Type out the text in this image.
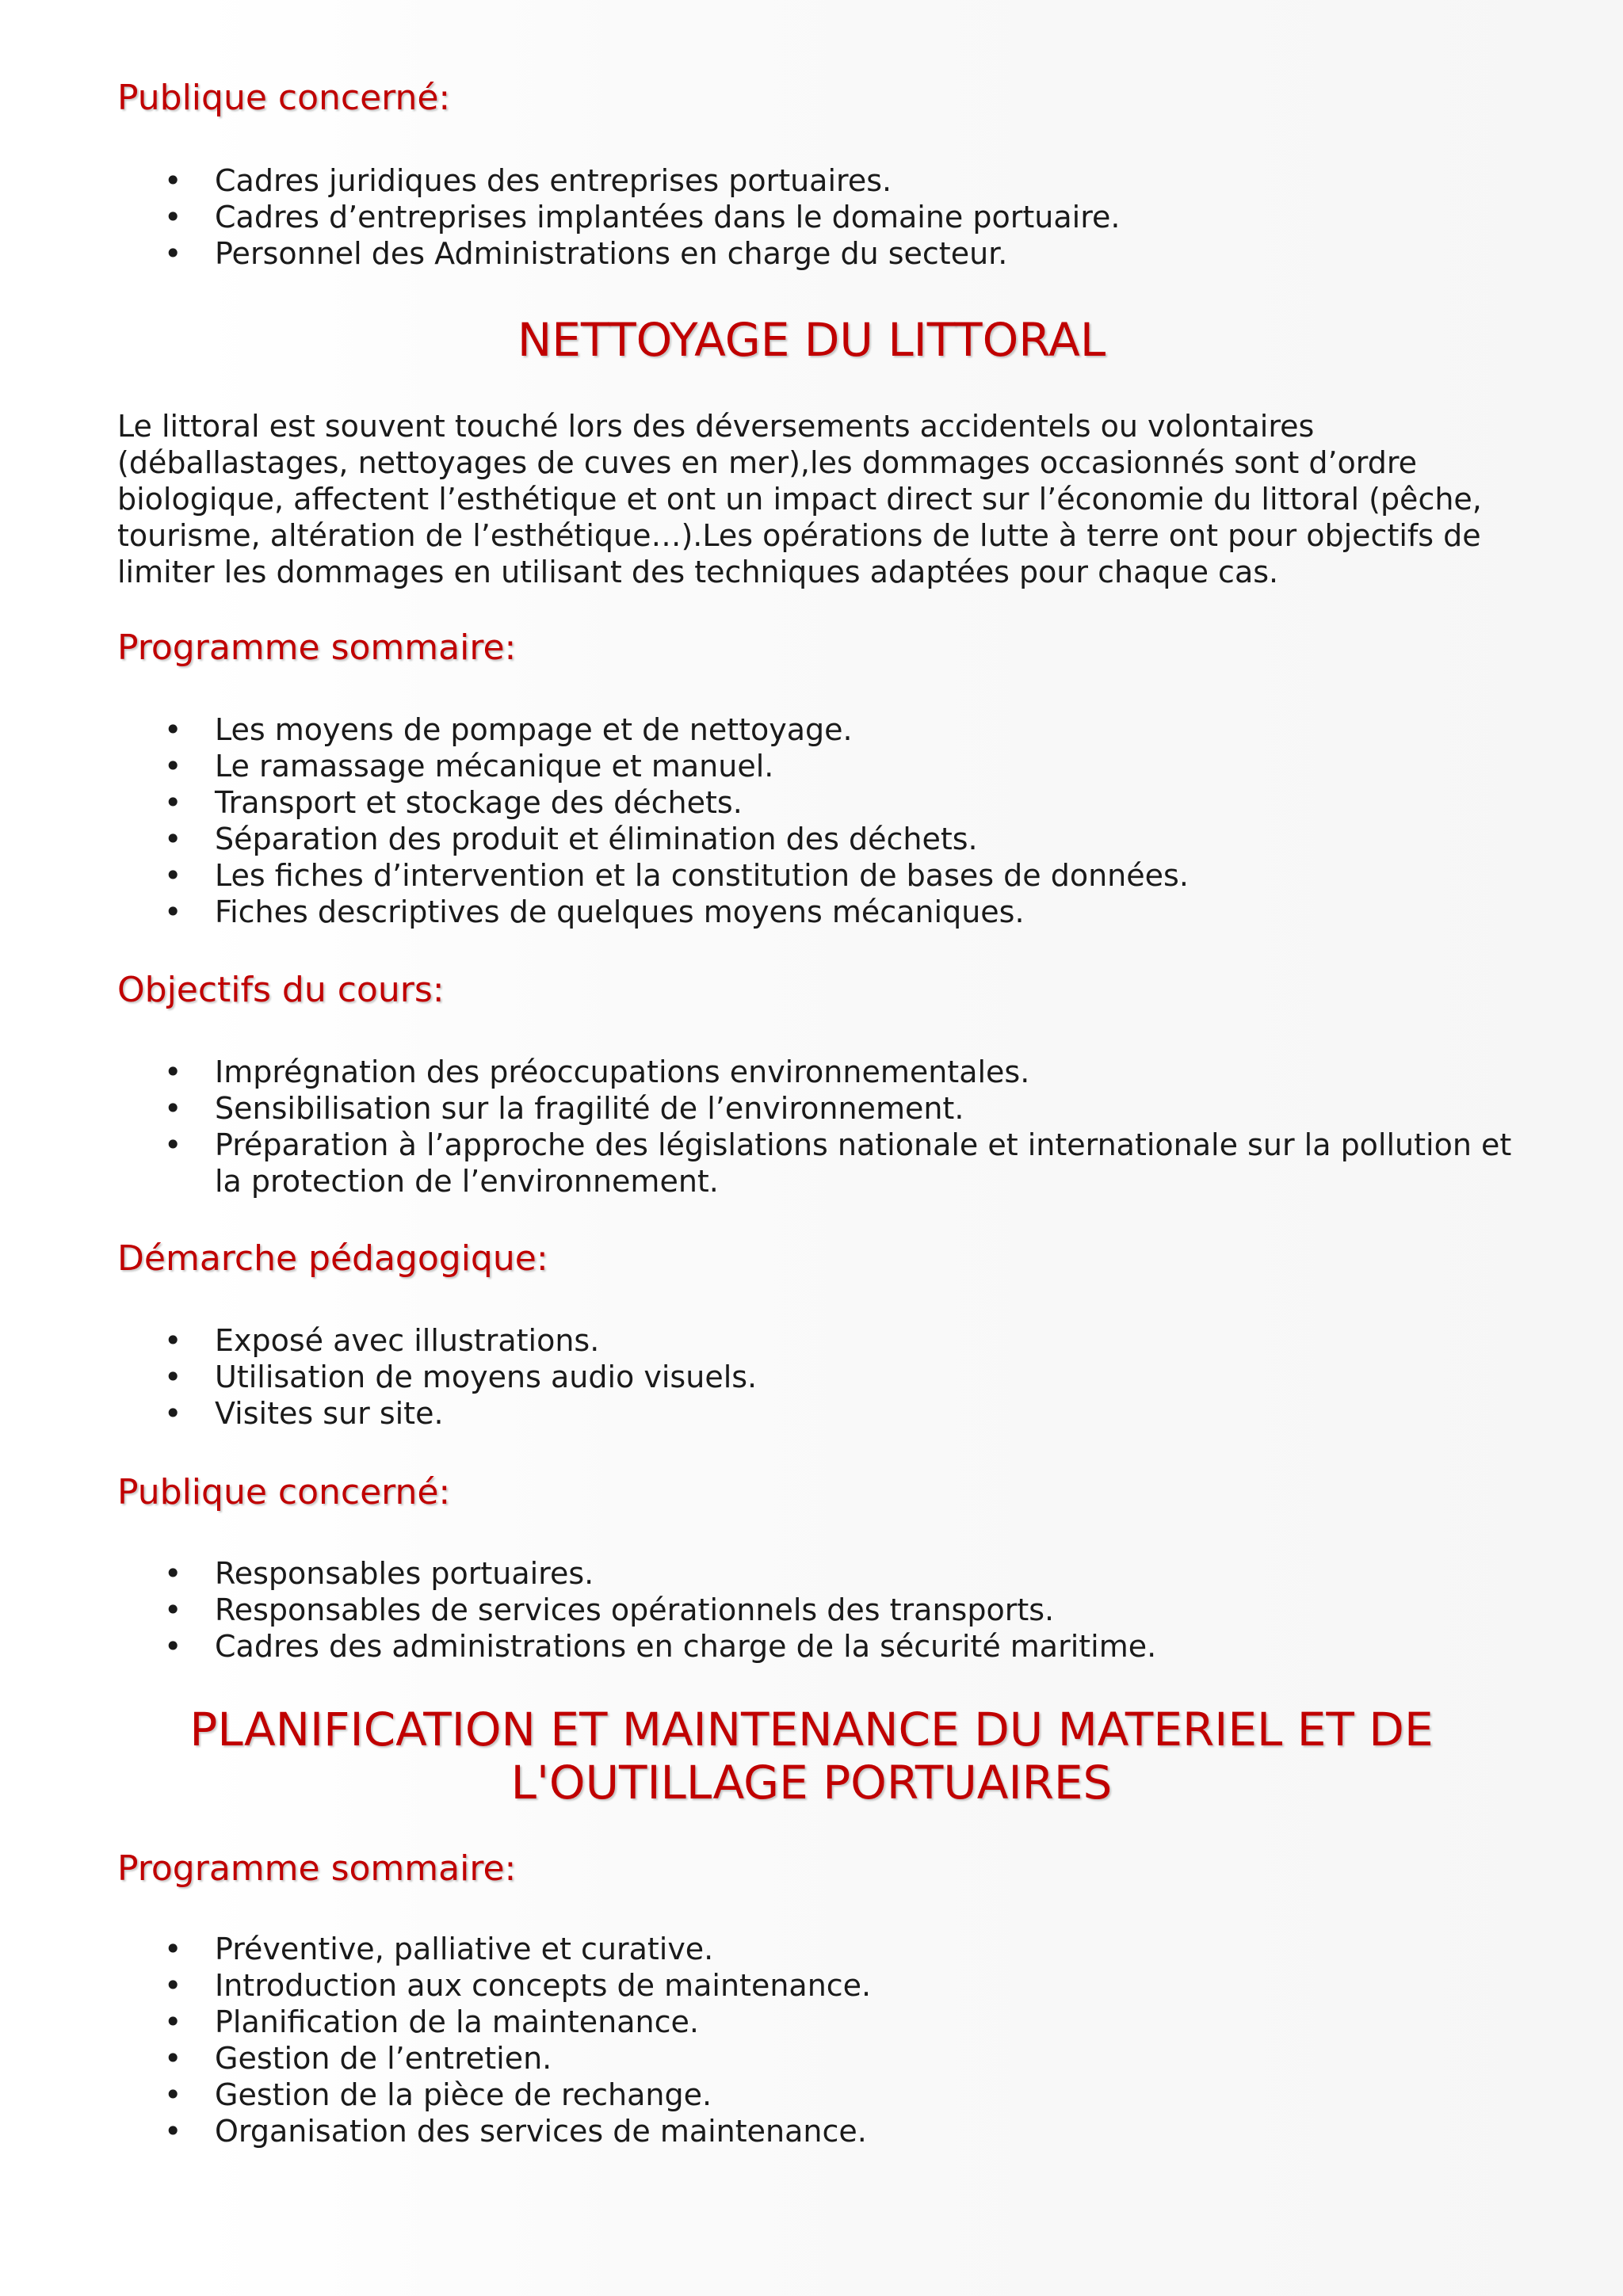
Publique concerné:
• Cadres juridiques des entreprises portuaires.
• Cadres d’entreprises implantées dans le domaine portuaire.
• Personnel des Administrations en charge du secteur.
NETTOYAGE DU LITTORAL

Le littoral est souvent touché lors des déversements accidentels ou volontaires (déballastages, nettoyages de cuves en mer),les dommages occasionnés sont d’ordre biologique, affectent l’esthétique et ont un impact direct sur l’économie du littoral (pêche, tourisme, altération de l’esthétique…).Les opérations de lutte à terre ont pour objectifs de limiter les dommages en utilisant des techniques adaptées pour chaque cas.

Programme sommaire:
• Les moyens de pompage et de nettoyage.
• Le ramassage mécanique et manuel.
• Transport et stockage des déchets.
• Séparation des produit et élimination des déchets.
• Les fiches d’intervention et la constitution de bases de données.
• Fiches descriptives de quelques moyens mécaniques.
Objectifs du cours:
• Imprégnation des préoccupations environnementales.
• Sensibilisation sur la fragilité de l’environnement.
• Préparation à l’approche des législations nationale et internationale sur la pollution et la protection de l’environnement.
Démarche pédagogique:
• Exposé avec illustrations.
• Utilisation de moyens audio visuels.
• Visites sur site.
Publique concerné:
• Responsables portuaires.
• Responsables de services opérationnels des transports.
• Cadres des administrations en charge de la sécurité maritime.
PLANIFICATION ET MAINTENANCE DU MATERIEL ET DE
L'OUTILLAGE PORTUAIRES
Programme sommaire:
• Préventive, palliative et curative.
• Introduction aux concepts de maintenance.
• Planification de la maintenance.
• Gestion de l’entretien.
• Gestion de la pièce de rechange.
• Organisation des services de maintenance.
